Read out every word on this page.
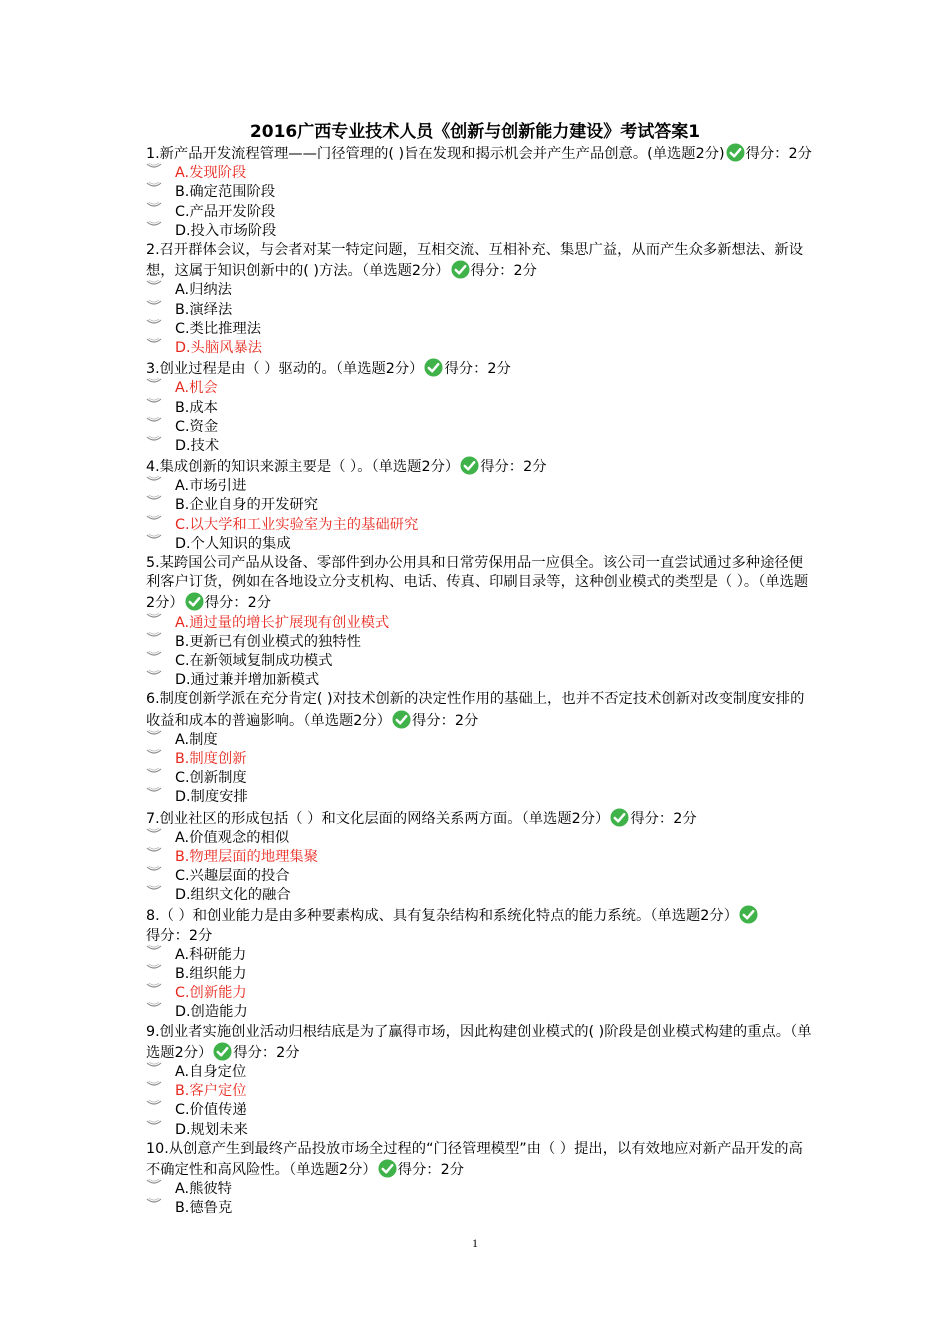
2016广西专业技术人员《创新与创新能力建设》考试答案1
1.新产品开发流程管理——门径管理的( )旨在发现和揭示机会并产生产品创意。(单选题2分) 得分：2分
A.发现阶段
B.确定范围阶段
C.产品开发阶段
D.投入市场阶段
2.召开群体会议，与会者对某一特定问题，互相交流、互相补充、集思广益，从而产生众多新想法、新设想，这属于知识创新中的( )方法。（单选题2分） 得分：2分
A.归纳法
B.演绎法
C.类比推理法
D.头脑风暴法
3.创业过程是由（ ）驱动的。（单选题2分） 得分：2分
A.机会
B.成本
C.资金
D.技术
4.集成创新的知识来源主要是（ ）。（单选题2分） 得分：2分
A.市场引进
B.企业自身的开发研究
C.以大学和工业实验室为主的基础研究
D.个人知识的集成
5.某跨国公司产品从设备、零部件到办公用具和日常劳保用品一应俱全。该公司一直尝试通过多种途径便利客户订货，例如在各地设立分支机构、电话、传真、印刷目录等，这种创业模式的类型是（ ）。（单选题2分） 得分：2分
A.通过量的增长扩展现有创业模式
B.更新已有创业模式的独特性
C.在新领域复制成功模式
D.通过兼并增加新模式
6.制度创新学派在充分肯定( )对技术创新的决定性作用的基础上，也并不否定技术创新对改变制度安排的收益和成本的普遍影响。（单选题2分） 得分：2分
A.制度
B.制度创新
C.创新制度
D.制度安排
7.创业社区的形成包括（ ）和文化层面的网络关系两方面。（单选题2分） 得分：2分
A.价值观念的相似
B.物理层面的地理集聚
C.兴趣层面的投合
D.组织文化的融合
8.（ ）和创业能力是由多种要素构成、具有复杂结构和系统化特点的能力系统。（单选题2分）得分：2分
A.科研能力
B.组织能力
C.创新能力
D.创造能力
9.创业者实施创业活动归根结底是为了赢得市场，因此构建创业模式的( )阶段是创业模式构建的重点。（单选题2分） 得分：2分
A.自身定位
B.客户定位
C.价值传递
D.规划未来
10.从创意产生到最终产品投放市场全过程的“门径管理模型”由（ ）提出，以有效地应对新产品开发的高不确定性和高风险性。（单选题2分） 得分：2分
A.熊彼特
B.德鲁克
1
